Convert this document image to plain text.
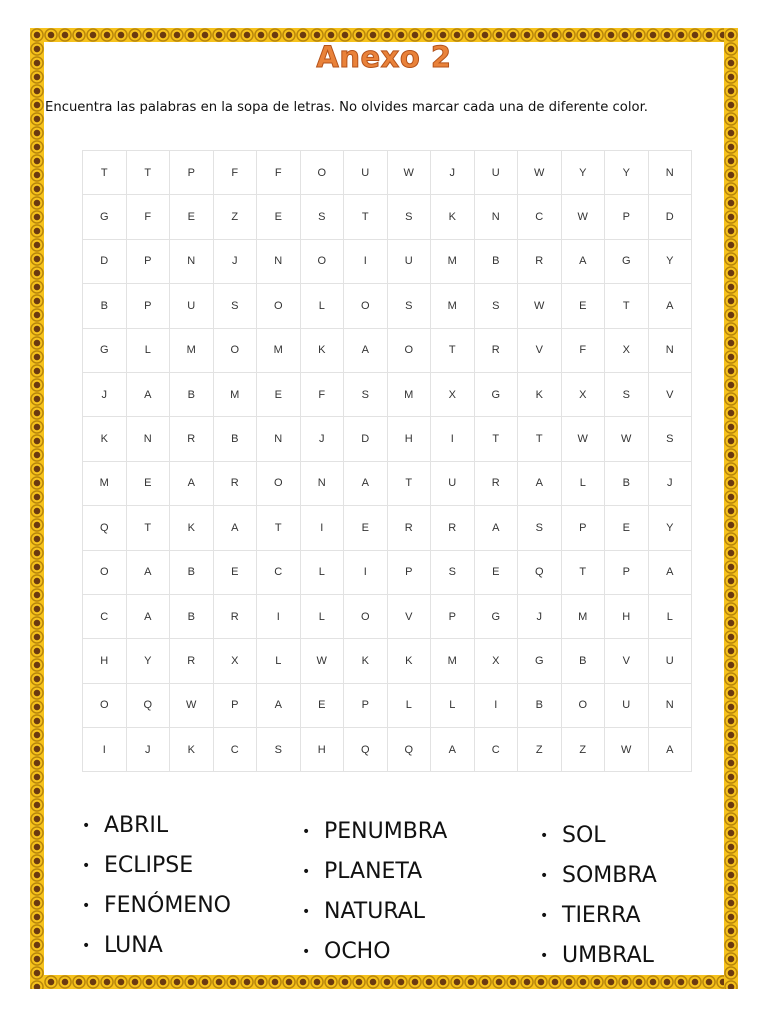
Anexo 2
Encuentra las palabras en la sopa de letras. No olvides marcar cada una de diferente color.
T	T	P	F	F	O	U	W	J	U	W	Y	Y	N
G	F	E	Z	E	S	T	S	K	N	C	W	P	D
D	P	N	J	N	O	I	U	M	B	R	A	G	Y
B	P	U	S	O	L	O	S	M	S	W	E	T	A
G	L	M	O	M	K	A	O	T	R	V	F	X	N
J	A	B	M	E	F	S	M	X	G	K	X	S	V
K	N	R	B	N	J	D	H	I	T	T	W	W	S
M	E	A	R	O	N	A	T	U	R	A	L	B	J
Q	T	K	A	T	I	E	R	R	A	S	P	E	Y
O	A	B	E	C	L	I	P	S	E	Q	T	P	A
C	A	B	R	I	L	O	V	P	G	J	M	H	L
H	Y	R	X	L	W	K	K	M	X	G	B	V	U
O	Q	W	P	A	E	P	L	L	I	B	O	U	N
I	J	K	C	S	H	Q	Q	A	C	Z	Z	W	A
• ABRIL
• ECLIPSE
• FENÓMENO
• LUNA
• PENUMBRA
• PLANETA
• NATURAL
• OCHO
• SOL
• SOMBRA
• TIERRA
• UMBRAL
